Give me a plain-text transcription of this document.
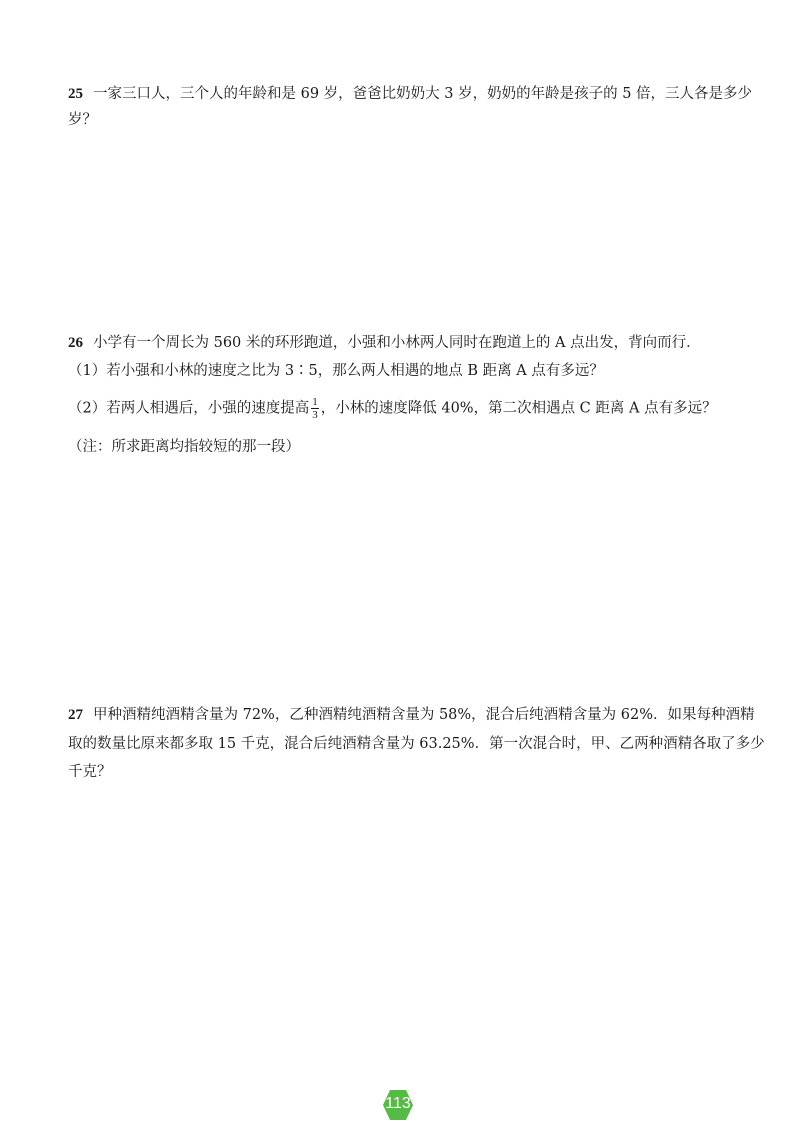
25 一家三口人，三个人的年龄和是 69 岁，爸爸比奶奶大 3 岁，奶奶的年龄是孩子的 5 倍，三人各是多少
岁？
26 小学有一个周长为 560 米的环形跑道，小强和小林两人同时在跑道上的 A 点出发，背向而行．
（1）若小强和小林的速度之比为 3∶5，那么两人相遇的地点 B 距离 A 点有多远？
（2）若两人相遇后，小强的速度提高 $\frac{1}{3}$ ，小林的速度降低 40%，第二次相遇点 C 距离 A 点有多远？
（注：所求距离均指较短的那一段）
27 甲种酒精纯酒精含量为 72%，乙种酒精纯酒精含量为 58%，混合后纯酒精含量为 62%．如果每种酒精
取的数量比原来都多取 15 千克，混合后纯酒精含量为 63.25%．第一次混合时，甲、乙两种酒精各取了多少
千克？
113
